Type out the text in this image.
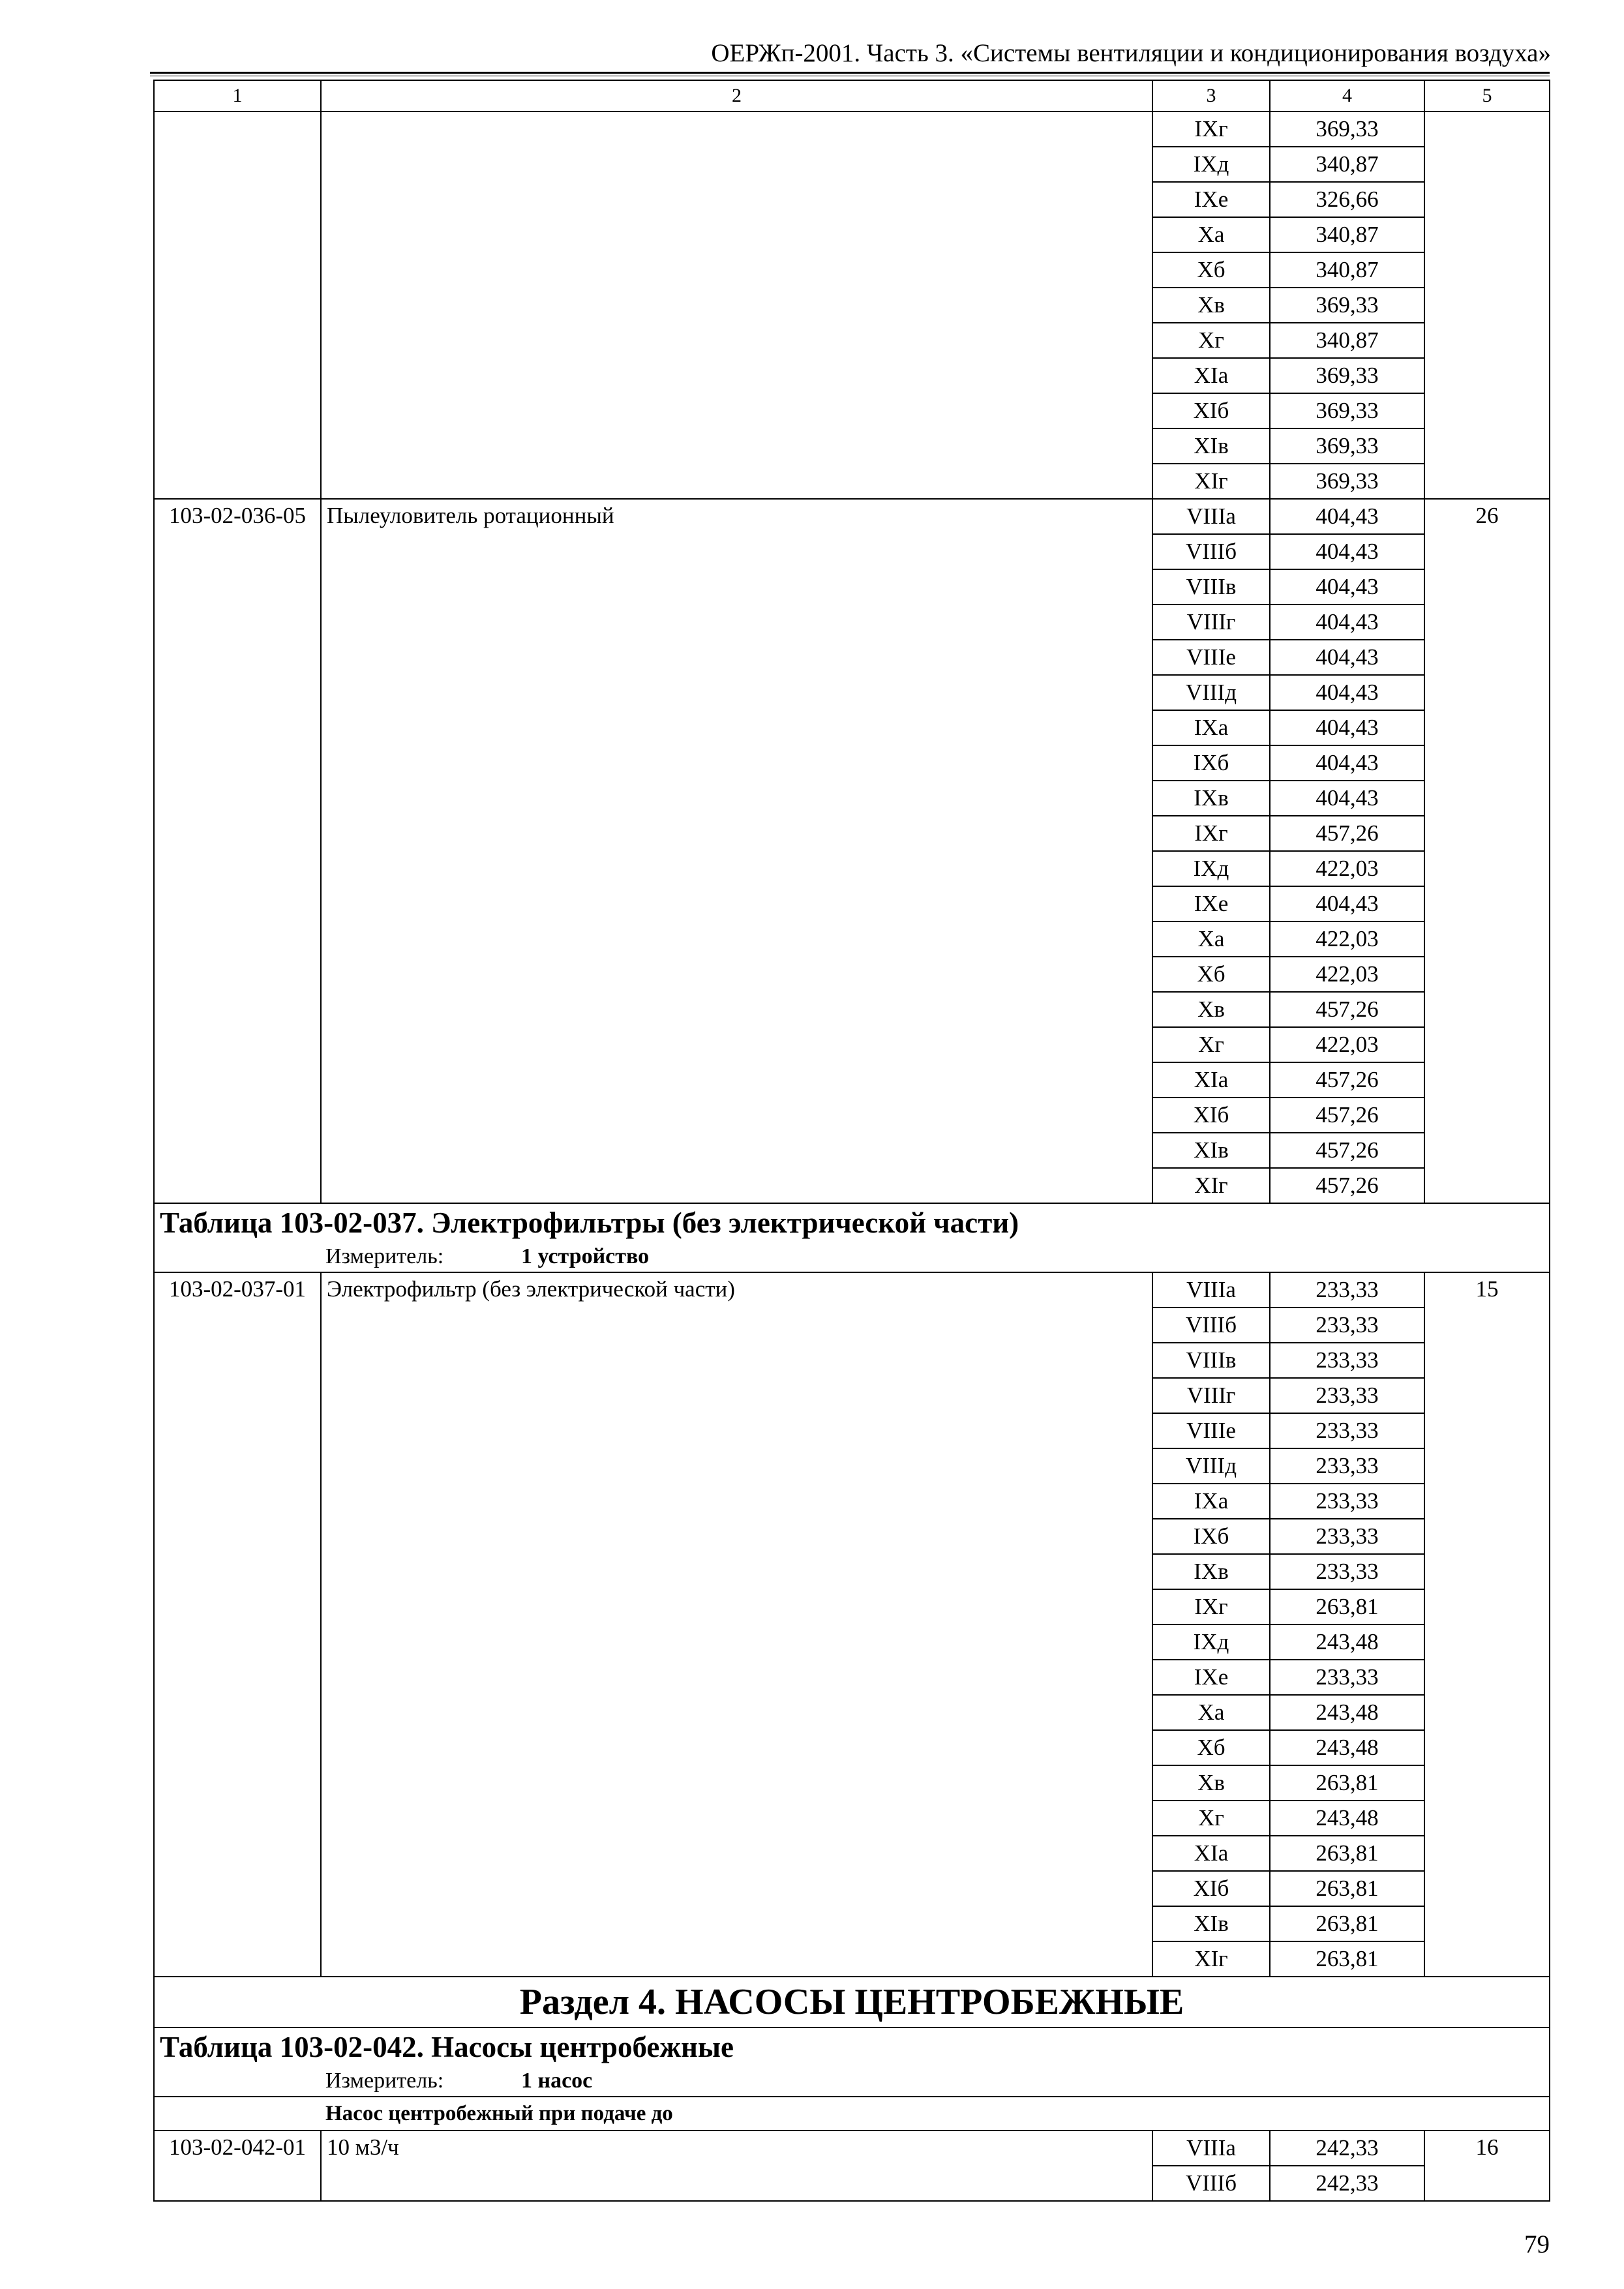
ОЕРЖп-2001. Часть 3. «Системы вентиляции и кондиционирования воздуха»
1	2	3	4	5
		IXг	369,33	
		IXд	340,87	
		IXе	326,66	
		Xа	340,87	
		Xб	340,87	
		Xв	369,33	
		Xг	340,87	
		XIа	369,33	
		XIб	369,33	
		XIв	369,33	
		XIг	369,33	
103-02-036-05	Пылеуловитель ротационный	VIIIа	404,43	26
		VIIIб	404,43	
		VIIIв	404,43	
		VIIIг	404,43	
		VIIIе	404,43	
		VIIIд	404,43	
		IXа	404,43	
		IXб	404,43	
		IXв	404,43	
		IXг	457,26	
		IXд	422,03	
		IXе	404,43	
		Xа	422,03	
		Xб	422,03	
		Xв	457,26	
		Xг	422,03	
		XIа	457,26	
		XIб	457,26	
		XIв	457,26	
		XIг	457,26	
Таблица 103-02-037. Электрофильтры (без электрической части)				
Измеритель: 1 устройство				
103-02-037-01	Электрофильтр (без электрической части)	VIIIа	233,33	15
		VIIIб	233,33	
		VIIIв	233,33	
		VIIIг	233,33	
		VIIIе	233,33	
		VIIIд	233,33	
		IXа	233,33	
		IXб	233,33	
		IXв	233,33	
		IXг	263,81	
		IXд	243,48	
		IXе	233,33	
		Xа	243,48	
		Xб	243,48	
		Xв	263,81	
		Xг	243,48	
		XIа	263,81	
		XIб	263,81	
		XIв	263,81	
		XIг	263,81	
Раздел 4. НАСОСЫ ЦЕНТРОБЕЖНЫЕ				
Таблица 103-02-042. Насосы центробежные				
Измеритель: 1 насос				
Насос центробежный при подаче до				
103-02-042-01	10 м3/ч	VIIIа	242,33	16
		VIIIб	242,33	
79
